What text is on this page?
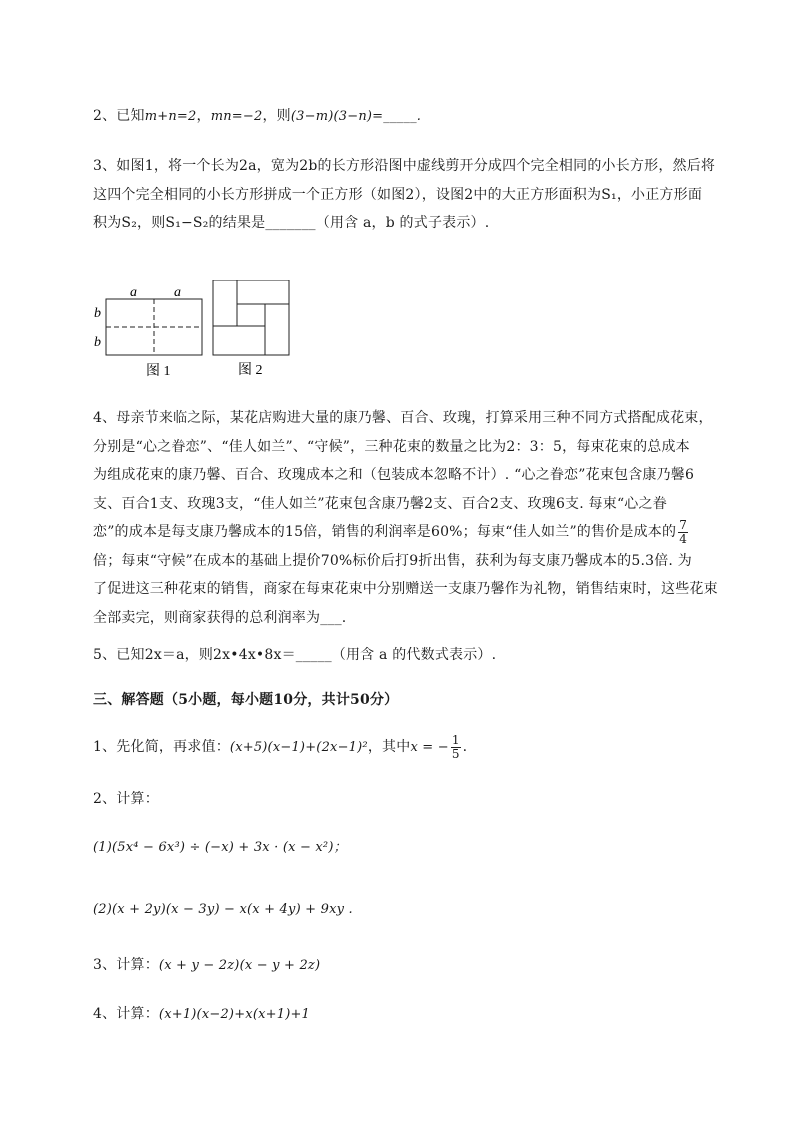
2、已知m+n=2，mn=−2，则(3−m)(3−n)=_____.

3、如图1，将一个长为2a，宽为2b的长方形沿图中虚线剪开分成四个完全相同的小长方形，然后将
这四个完全相同的小长方形拼成一个正方形（如图2），设图2中的大正方形面积为S₁，小正方形面
积为S₂，则S₁−S₂的结果是_______（用含 a，b 的式子表示）.

a	a
b
b
图 1	图 2

4、母亲节来临之际，某花店购进大量的康乃馨、百合、玫瑰，打算采用三种不同方式搭配成花束，
分别是“心之眷恋”、“佳人如兰”、“守候”，三种花束的数量之比为2：3：5，每束花束的总成本
为组成花束的康乃馨、百合、玫瑰成本之和（包装成本忽略不计）. “心之眷恋”花束包含康乃馨6
支、百合1支、玫瑰3支，“佳人如兰”花束包含康乃馨2支、百合2支、玫瑰6支. 每束“心之眷
恋”的成本是每支康乃馨成本的15倍，销售的利润率是60%；每束“佳人如兰”的售价是成本的 $\frac{7}{4}$

倍；每束“守候”在成本的基础上提价70%标价后打9折出售，获利为每支康乃馨成本的5.3倍. 为
了促进这三种花束的销售，商家在每束花束中分别赠送一支康乃馨作为礼物，销售结束时，这些花束
全部卖完，则商家获得的总利润率为___.

5、已知2x＝a，则2x•4x•8x＝_____（用含 a 的代数式表示）.

三、解答题（5小题，每小题10分，共计50分）

1、先化简，再求值：(x+5)(x−1)+(2x−1)²，其中x = − $\frac{1}{5}$ .

2、计算：

(1)(5x⁴ − 6x³) ÷ (−x) + 3x · (x − x²)；

(2)(x + 2y)(x − 3y) − x(x + 4y) + 9xy .

3、计算：(x + y − 2z)(x − y + 2z)

4、计算：(x+1)(x−2)+x(x+1)+1
